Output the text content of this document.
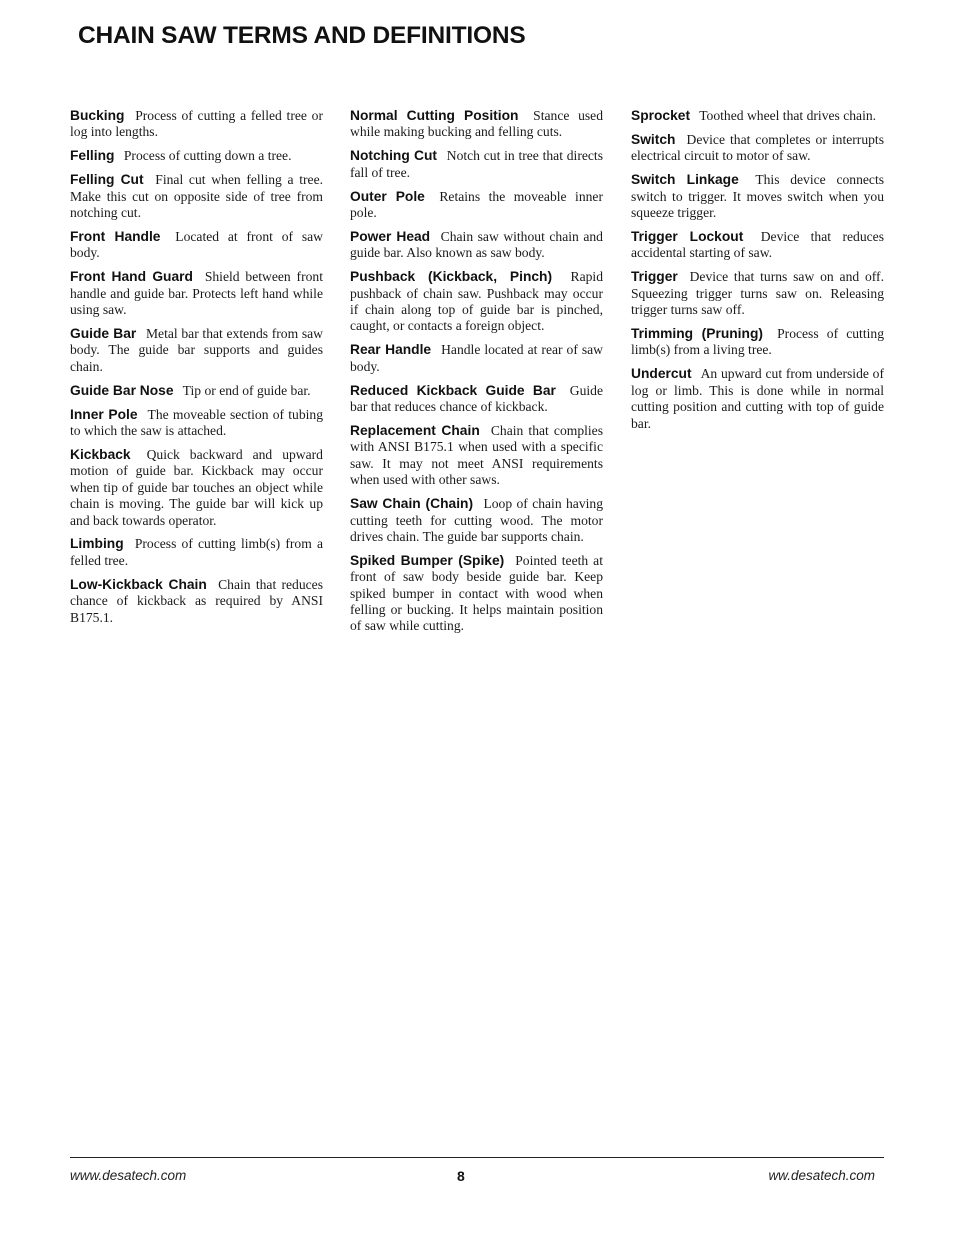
CHAIN SAW TERMS AND DEFINITIONS

Bucking Process of cutting a felled tree or log into lengths.

Felling Process of cutting down a tree.

Felling Cut Final cut when felling a tree. Make this cut on opposite side of tree from notching cut.

Front Handle Located at front of saw body.

Front Hand Guard Shield between front handle and guide bar. Protects left hand while using saw.

Guide Bar Metal bar that extends from saw body. The guide bar supports and guides chain.

Guide Bar Nose Tip or end of guide bar.

Inner Pole The moveable section of tubing to which the saw is attached.

Kickback Quick backward and upward motion of guide bar. Kickback may occur when tip of guide bar touches an object while chain is moving. The guide bar will kick up and back towards operator.

Limbing Process of cutting limb(s) from a felled tree.

Low-Kickback Chain Chain that reduces chance of kickback as required by ANSI B175.1.

Normal Cutting Position Stance used while making bucking and felling cuts.

Notching Cut Notch cut in tree that directs fall of tree.

Outer Pole Retains the moveable inner pole.

Power Head Chain saw without chain and guide bar. Also known as saw body.

Pushback (Kickback, Pinch) Rapid pushback of chain saw. Pushback may occur if chain along top of guide bar is pinched, caught, or contacts a foreign object.

Rear Handle Handle located at rear of saw body.

Reduced Kickback Guide Bar Guide bar that reduces chance of kickback.

Replacement Chain Chain that complies with ANSI B175.1 when used with a specific saw. It may not meet ANSI requirements when used with other saws.

Saw Chain (Chain) Loop of chain having cutting teeth for cutting wood. The motor drives chain. The guide bar supports chain.

Spiked Bumper (Spike) Pointed teeth at front of saw body beside guide bar. Keep spiked bumper in contact with wood when felling or bucking. It helps maintain position of saw while cutting.

Sprocket Toothed wheel that drives chain.

Switch Device that completes or interrupts electrical circuit to motor of saw.

Switch Linkage This device connects switch to trigger. It moves switch when you squeeze trigger.

Trigger Lockout Device that reduces accidental starting of saw.

Trigger Device that turns saw on and off. Squeezing trigger turns saw on. Releasing trigger turns saw off.

Trimming (Pruning) Process of cutting limb(s) from a living tree.

Undercut An upward cut from underside of log or limb. This is done while in normal cutting position and cutting with top of guide bar.

www.desatech.com	8	ww.desatech.com
